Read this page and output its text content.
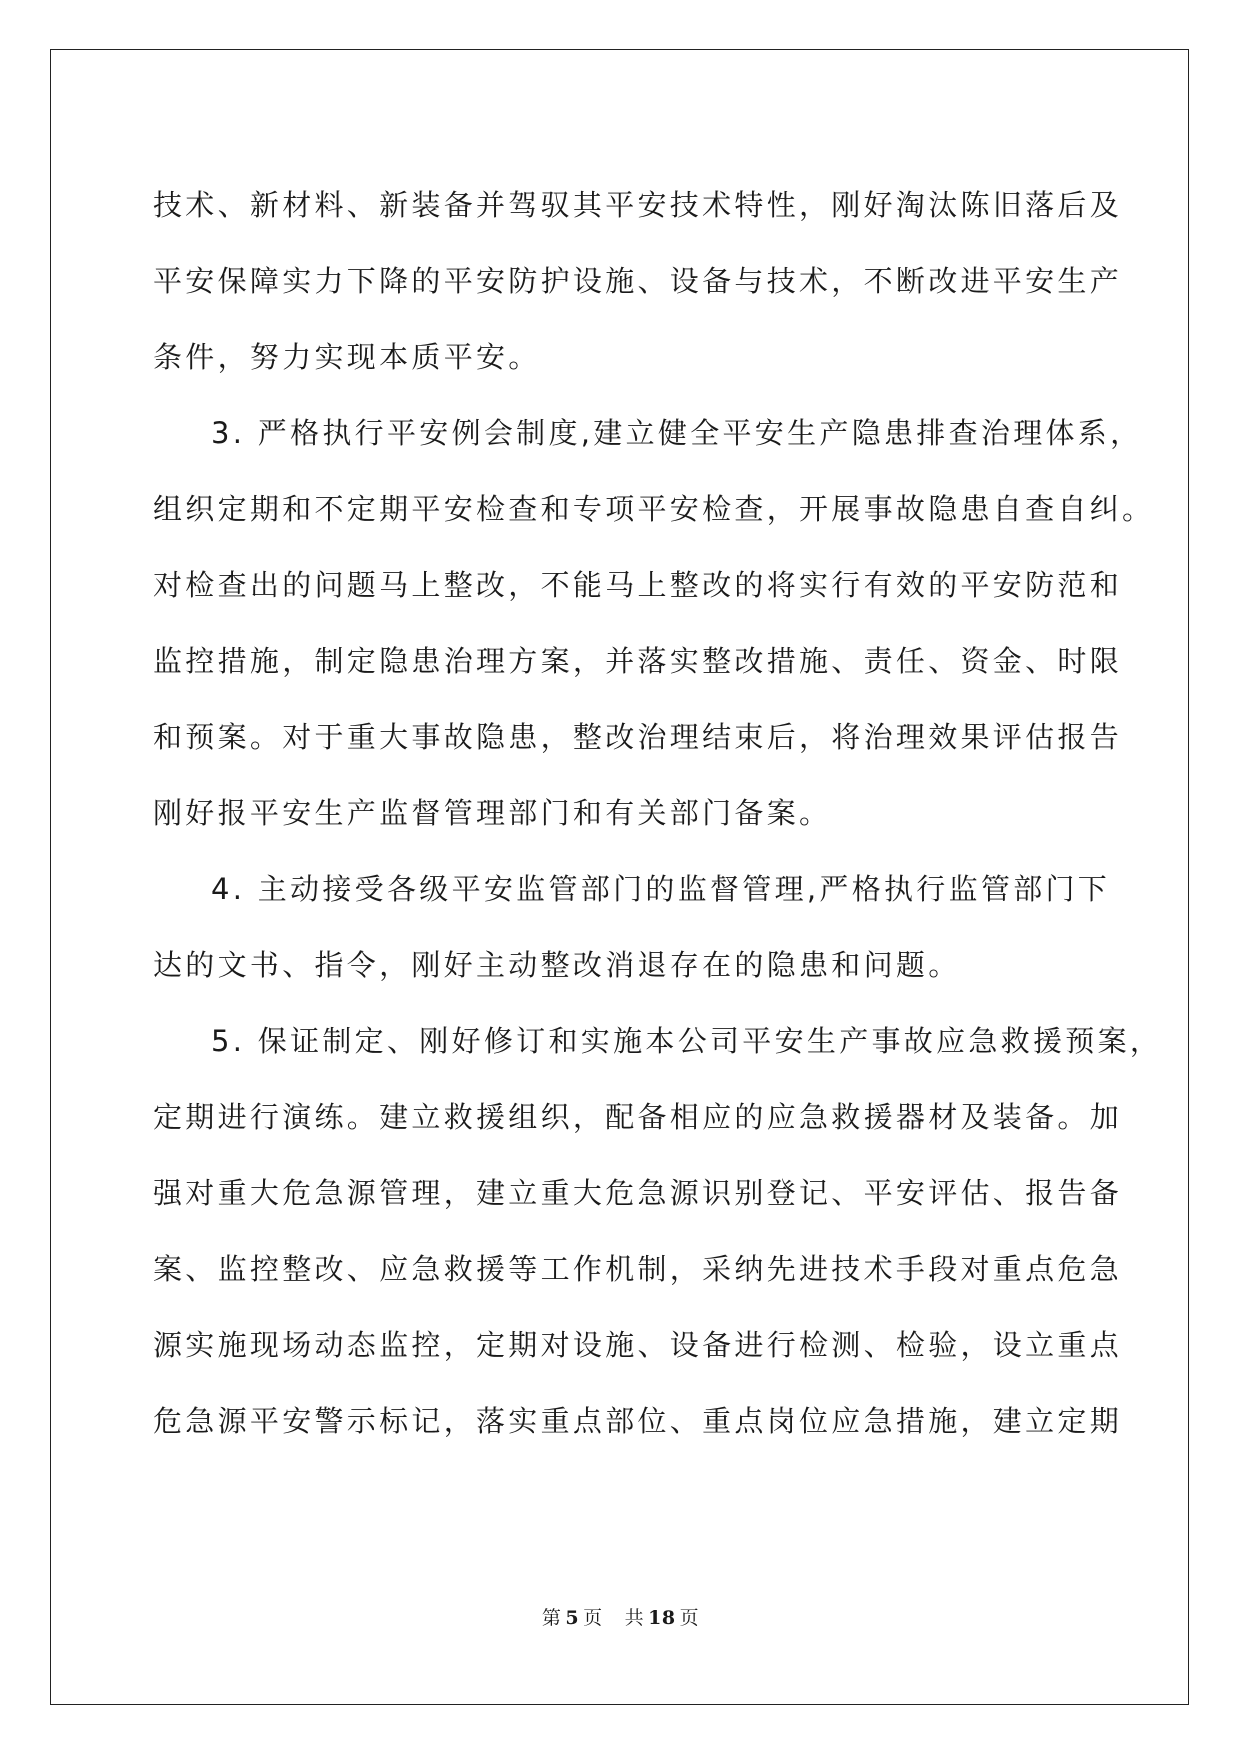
技术、新材料、新装备并驾驭其平安技术特性，刚好淘汰陈旧落后及

平安保障实力下降的平安防护设施、设备与技术，不断改进平安生产

条件，努力实现本质平安。

3. 严格执行平安例会制度,建立健全平安生产隐患排查治理体系，

组织定期和不定期平安检查和专项平安检查，开展事故隐患自查自纠。

对检查出的问题马上整改，不能马上整改的将实行有效的平安防范和

监控措施，制定隐患治理方案，并落实整改措施、责任、资金、时限

和预案。对于重大事故隐患，整改治理结束后，将治理效果评估报告

刚好报平安生产监督管理部门和有关部门备案。

4. 主动接受各级平安监管部门的监督管理,严格执行监管部门下

达的文书、指令，刚好主动整改消退存在的隐患和问题。

5. 保证制定、刚好修订和实施本公司平安生产事故应急救援预案，

定期进行演练。建立救援组织，配备相应的应急救援器材及装备。加

强对重大危急源管理，建立重大危急源识别登记、平安评估、报告备

案、监控整改、应急救援等工作机制，采纳先进技术手段对重点危急

源实施现场动态监控，定期对设施、设备进行检测、检验，设立重点

危急源平安警示标记，落实重点部位、重点岗位应急措施，建立定期

第 5 页 共 18 页
